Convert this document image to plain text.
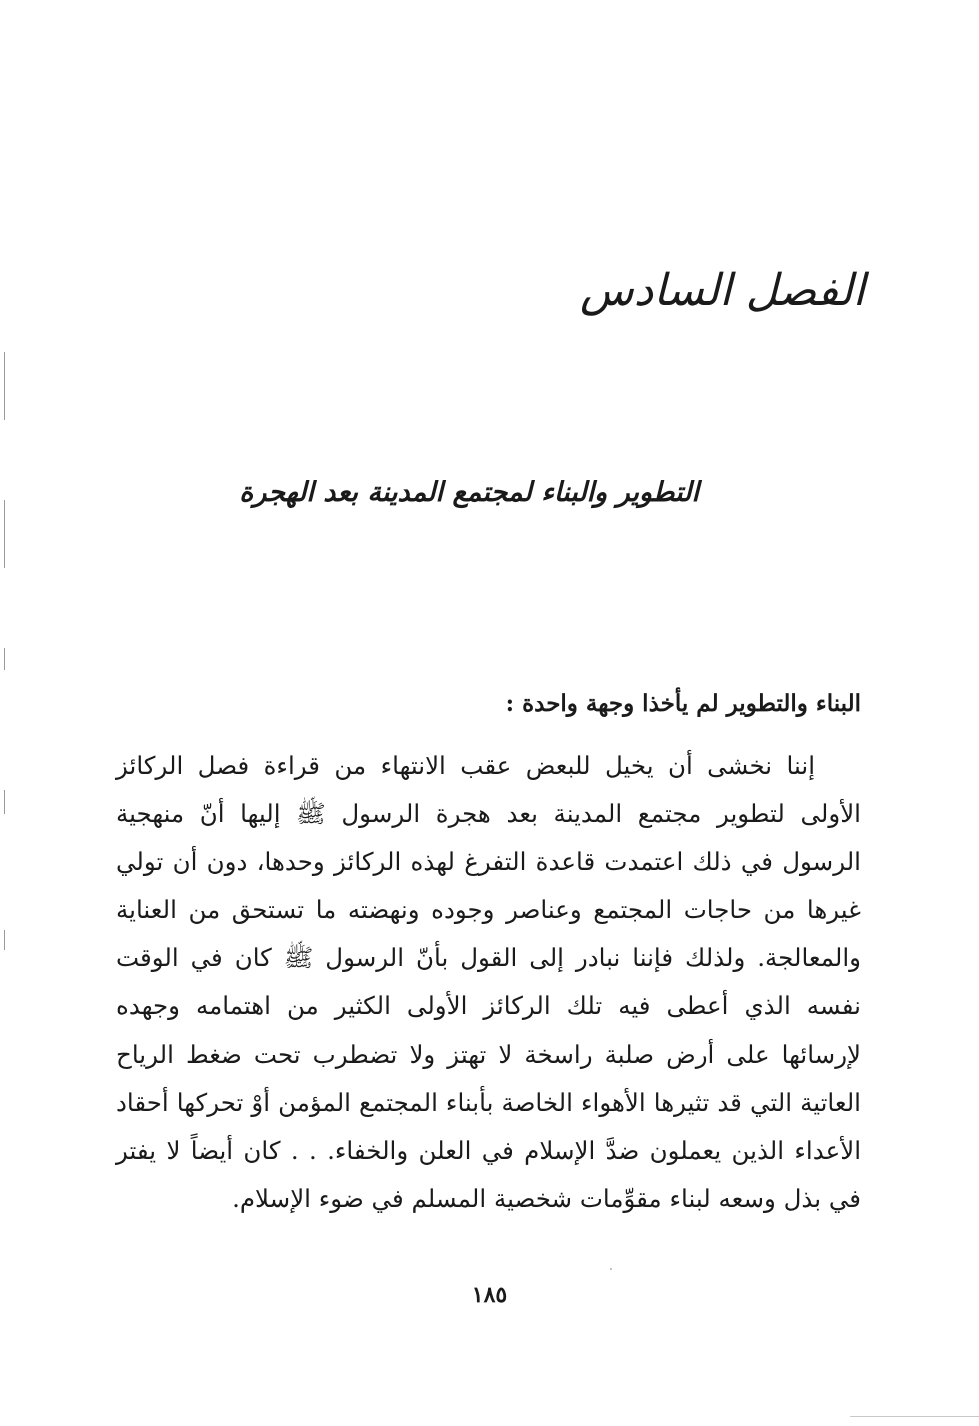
الفصل السادس
التطوير والبناء لمجتمع المدينة بعد الهجرة
البناء والتطوير لم يأخذا وجهة واحدة :

إننا نخشى أن يخيل للبعض عقب الانتهاء من قراءة فصل الركائز الأولى لتطوير مجتمع المدينة بعد هجرة الرسول ﷺ إليها أنّ منهجية الرسول في ذلك اعتمدت قاعدة التفرغ لهذه الركائز وحدها، دون أن تولي غيرها من حاجات المجتمع وعناصر وجوده ونهضته ما تستحق من العناية والمعالجة. ولذلك فإننا نبادر إلى القول بأنّ الرسول ﷺ كان في الوقت نفسه الذي أعطى فيه تلك الركائز الأولى الكثير من اهتمامه وجهده لإرسائها على أرض صلبة راسخة لا تهتز ولا تضطرب تحت ضغط الرياح العاتية التي قد تثيرها الأهواء الخاصة بأبناء المجتمع المؤمن أوْ تحركها أحقاد الأعداء الذين يعملون ضدَّ الإسلام في العلن والخفاء. . . كان أيضاً لا يفتر في بذل وسعه لبناء مقوِّمات شخصية المسلم في ضوء الإسلام.

١٨٥
